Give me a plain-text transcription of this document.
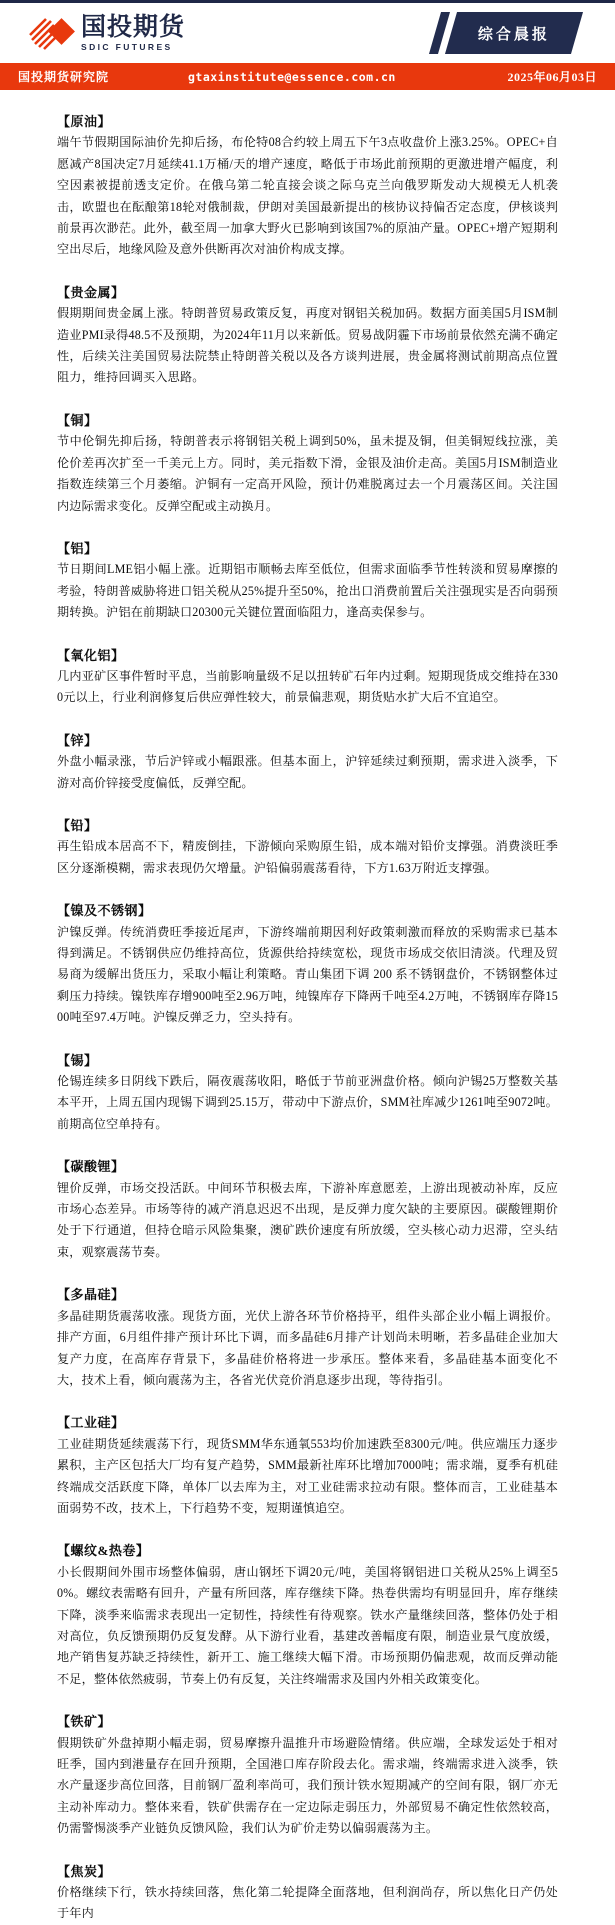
国投期货
SDIC FUTURES
综合晨报
国投期货研究院	gtaxinstitute@essence.com.cn	2025年06月03日
【原油】

端午节假期国际油价先抑后扬，布伦特08合约较上周五下午3点收盘价上涨3.25%。OPEC+自愿减产8国决定7月延续41.1万桶/天的增产速度，略低于市场此前预期的更激进增产幅度，利空因素被提前透支定价。在俄乌第二轮直接会谈之际乌克兰向俄罗斯发动大规模无人机袭击，欧盟也在酝酿第18轮对俄制裁，伊朗对美国最新提出的核协议持偏否定态度，伊核谈判前景再次渺茫。此外，截至周一加拿大野火已影响到该国7%的原油产量。OPEC+增产短期利空出尽后，地缘风险及意外供断再次对油价构成支撑。

【贵金属】

假期期间贵金属上涨。特朗普贸易政策反复，再度对钢铝关税加码。数据方面美国5月ISM制造业PMI录得48.5不及预期，为2024年11月以来新低。贸易战阴霾下市场前景依然充满不确定性，后续关注美国贸易法院禁止特朗普关税以及各方谈判进展，贵金属将测试前期高点位置阻力，维持回调买入思路。

【铜】

节中伦铜先抑后扬，特朗普表示将钢铝关税上调到50%，虽未提及铜，但美铜短线拉涨，美伦价差再次扩至一千美元上方。同时，美元指数下滑，金银及油价走高。美国5月ISM制造业指数连续第三个月萎缩。沪铜有一定高开风险，预计仍难脱离过去一个月震荡区间。关注国内边际需求变化。反弹空配或主动换月。

【铝】

节日期间LME铝小幅上涨。近期铝市顺畅去库至低位，但需求面临季节性转淡和贸易摩擦的考验，特朗普威胁将进口铝关税从25%提升至50%，抢出口消费前置后关注强现实是否向弱预期转换。沪铝在前期缺口20300元关键位置面临阻力，逢高卖保参与。

【氧化铝】

几内亚矿区事件暂时平息，当前影响量级不足以扭转矿石年内过剩。短期现货成交维持在3300元以上，行业利润修复后供应弹性较大，前景偏悲观，期货贴水扩大后不宜追空。

【锌】

外盘小幅录涨，节后沪锌或小幅跟涨。但基本面上，沪锌延续过剩预期，需求进入淡季，下游对高价锌接受度偏低，反弹空配。

【铅】

再生铅成本居高不下，精废倒挂，下游倾向采购原生铅，成本端对铅价支撑强。消费淡旺季区分逐渐模糊，需求表现仍欠增量。沪铅偏弱震荡看待，下方1.63万附近支撑强。

【镍及不锈钢】

沪镍反弹。传统消费旺季接近尾声，下游终端前期因利好政策刺激而释放的采购需求已基本得到满足。不锈钢供应仍维持高位，货源供给持续宽松，现货市场成交依旧清淡。代理及贸易商为缓解出货压力，采取小幅让利策略。青山集团下调 200 系不锈钢盘价，不锈钢整体过剩压力持续。镍铁库存增900吨至2.96万吨，纯镍库存下降两千吨至4.2万吨，不锈钢库存降1500吨至97.4万吨。沪镍反弹乏力，空头持有。

【锡】

伦锡连续多日阴线下跌后，隔夜震荡收阳，略低于节前亚洲盘价格。倾向沪锡25万整数关基本平开，上周五国内现锡下调到25.15万，带动中下游点价，SMM社库减少1261吨至9072吨。前期高位空单持有。

【碳酸锂】

锂价反弹，市场交投活跃。中间环节积极去库，下游补库意愿差，上游出现被动补库，反应市场心态差异。市场等待的减产消息迟迟不出现，是反弹力度欠缺的主要原因。碳酸锂期价处于下行通道，但持仓暗示风险集聚，澳矿跌价速度有所放缓，空头核心动力迟滞，空头结束，观察震荡节奏。

【多晶硅】

多晶硅期货震荡收涨。现货方面，光伏上游各环节价格持平，组件头部企业小幅上调报价。排产方面，6月组件排产预计环比下调，而多晶硅6月排产计划尚未明晰，若多晶硅企业加大复产力度，在高库存背景下，多晶硅价格将进一步承压。整体来看，多晶硅基本面变化不大，技术上看，倾向震荡为主，各省光伏竞价消息逐步出现，等待指引。

【工业硅】

工业硅期货延续震荡下行，现货SMM华东通氧553均价加速跌至8300元/吨。供应端压力逐步累积，主产区包括大厂均有复产趋势，SMM最新社库环比增加7000吨；需求端，夏季有机硅终端成交活跃度下降，单体厂以去库为主，对工业硅需求拉动有限。整体而言，工业硅基本面弱势不改，技术上，下行趋势不变，短期谨慎追空。

【螺纹&热卷】

小长假期间外围市场整体偏弱，唐山钢坯下调20元/吨，美国将钢铝进口关税从25%上调至50%。螺纹表需略有回升，产量有所回落，库存继续下降。热卷供需均有明显回升，库存继续下降，淡季来临需求表现出一定韧性，持续性有待观察。铁水产量继续回落，整体仍处于相对高位，负反馈预期仍反复发酵。从下游行业看，基建改善幅度有限，制造业景气度放缓，地产销售复苏缺乏持续性，新开工、施工继续大幅下滑。市场预期仍偏悲观，故而反弹动能不足，整体依然疲弱，节奏上仍有反复，关注终端需求及国内外相关政策变化。

【铁矿】

假期铁矿外盘掉期小幅走弱，贸易摩擦升温推升市场避险情绪。供应端，全球发运处于相对旺季，国内到港量存在回升预期，全国港口库存阶段去化。需求端，终端需求进入淡季，铁水产量逐步高位回落，目前钢厂盈利率尚可，我们预计铁水短期减产的空间有限，钢厂亦无主动补库动力。整体来看，铁矿供需存在一定边际走弱压力，外部贸易不确定性依然较高，仍需警惕淡季产业链负反馈风险，我们认为矿价走势以偏弱震荡为主。

【焦炭】

价格继续下行，铁水持续回落，焦化第二轮提降全面落地，但利润尚存，所以焦化日产仍处于年内
